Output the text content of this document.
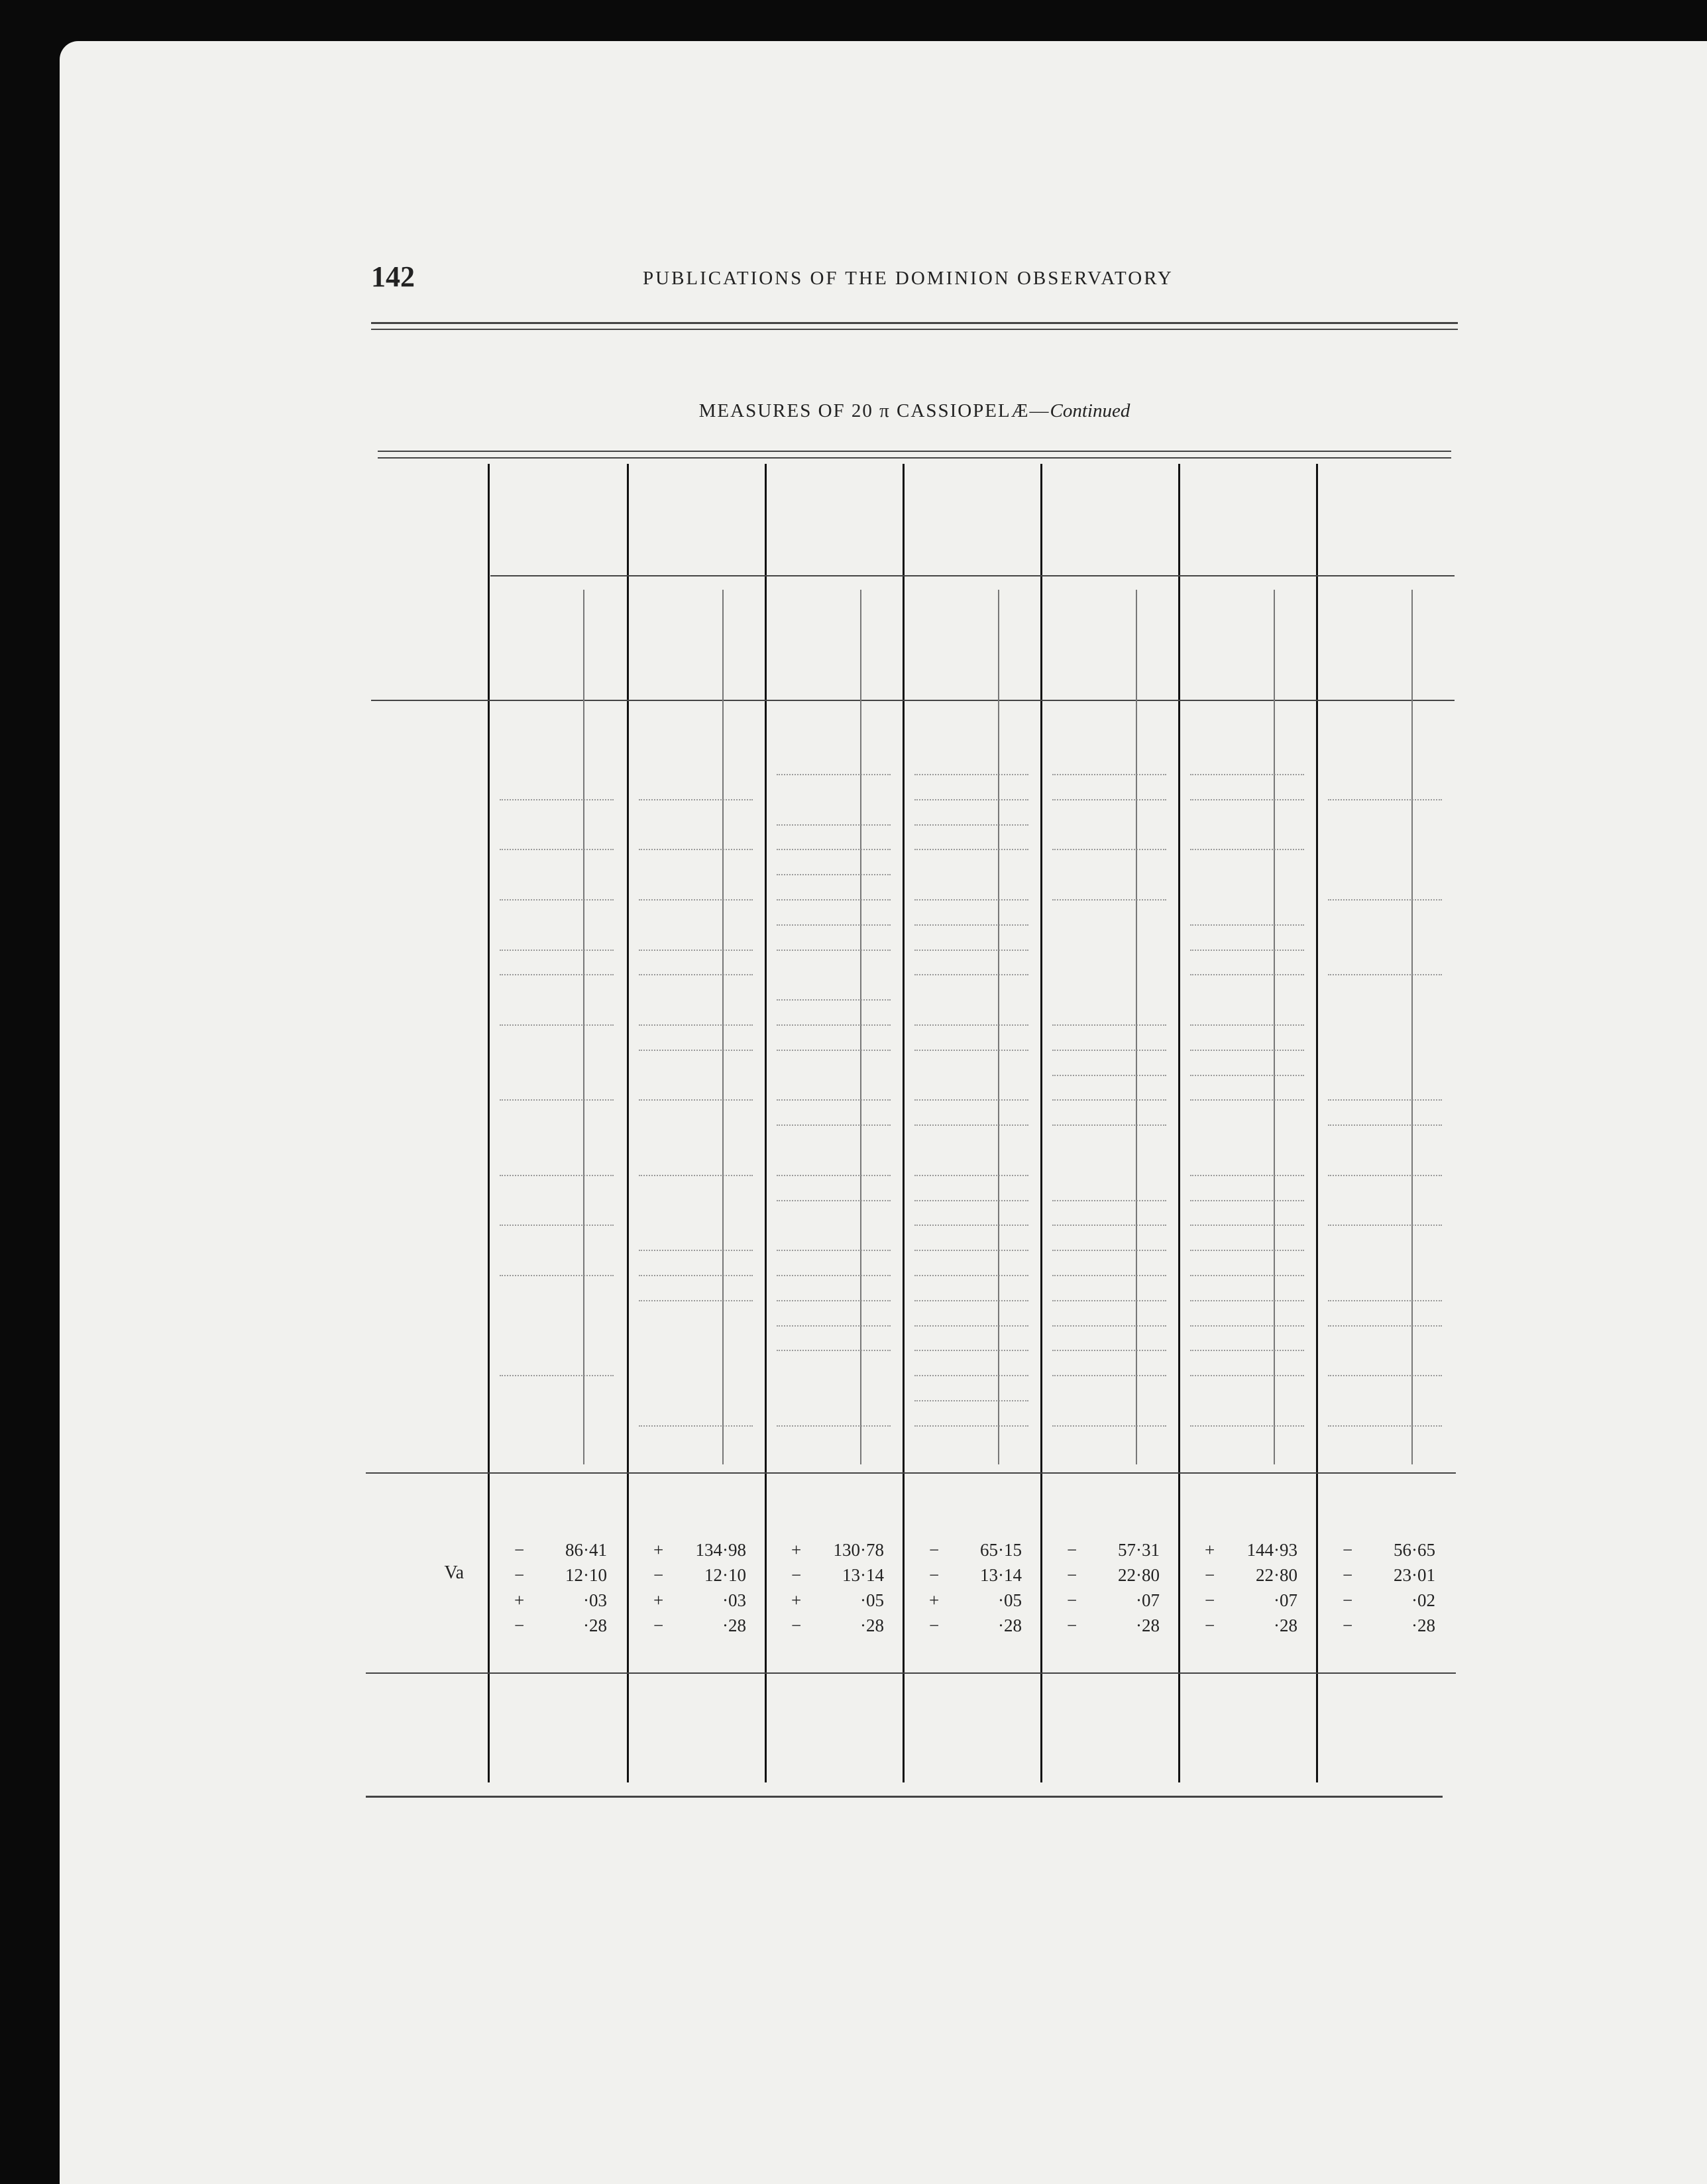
142	PUBLICATIONS OF THE DOMINION OBSERVATORY
MEASURES OF 20 π CASSIOPELÆ—Continued
Va
− 86·41	+ 134·98	+ 130·78	− 65·15	− 57·31	+ 144·93	− 56·65
− 12·10	− 12·10	− 13·14	− 13·14	− 22·80	− 22·80	− 23·01
+	·03	+	·03	+	·05	+	·05	−	·07	−	·07	−	·02
−	·28	−	·28	−	·28	−	·28	−	·28	−	·28	−	·28
